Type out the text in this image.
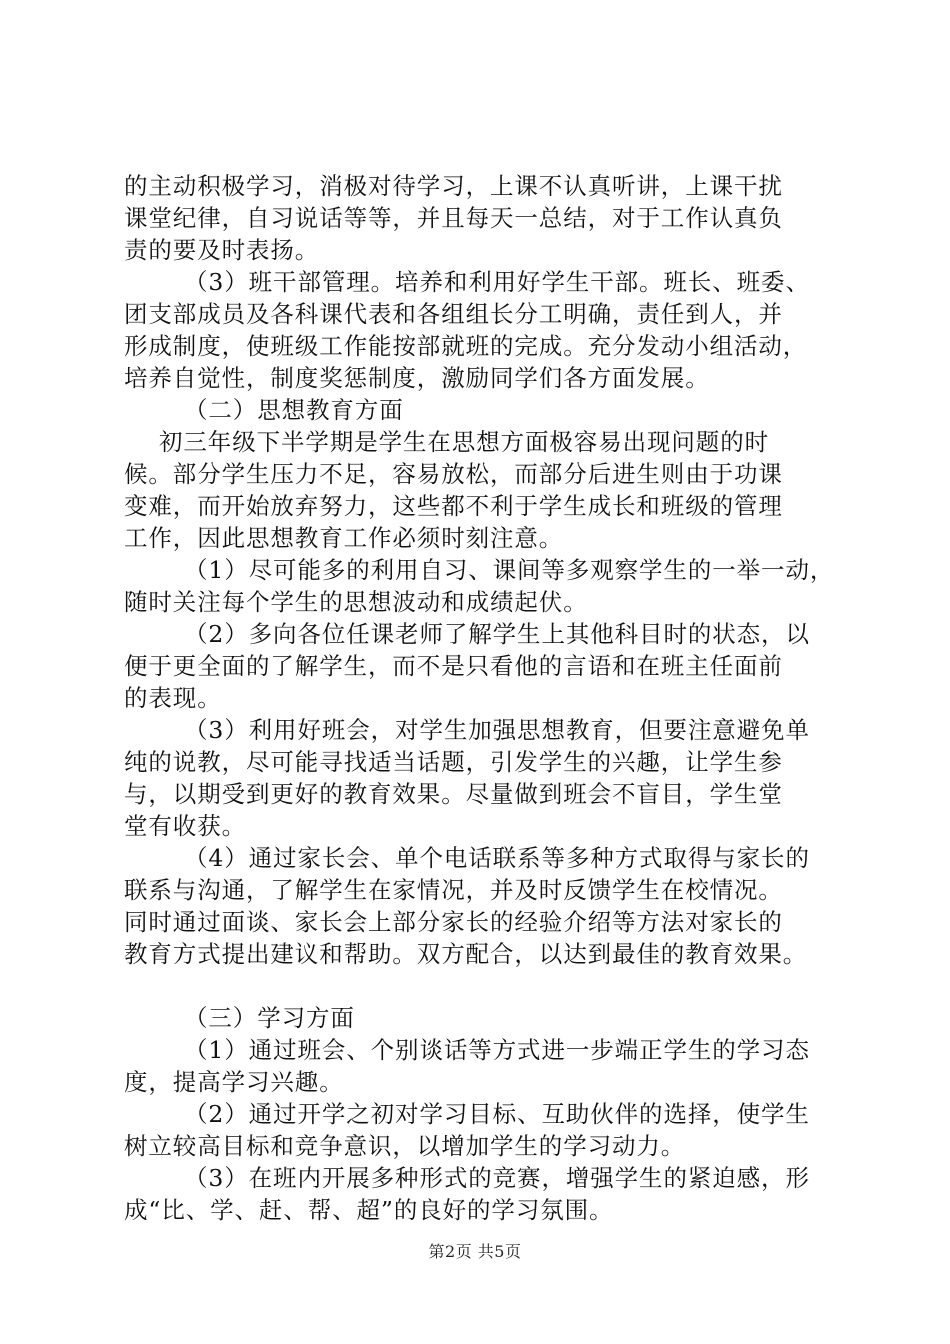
的主动积极学习，消极对待学习，上课不认真听讲，上课干扰
课堂纪律，自习说话等等，并且每天一总结，对于工作认真负
责的要及时表扬。
（3）班干部管理。培养和利用好学生干部。班长、班委、
团支部成员及各科课代表和各组组长分工明确，责任到人，并
形成制度，使班级工作能按部就班的完成。充分发动小组活动，
培养自觉性，制度奖惩制度，激励同学们各方面发展。
（二）思想教育方面
初三年级下半学期是学生在思想方面极容易出现问题的时
候。部分学生压力不足，容易放松，而部分后进生则由于功课
变难，而开始放弃努力，这些都不利于学生成长和班级的管理
工作，因此思想教育工作必须时刻注意。
（1）尽可能多的利用自习、课间等多观察学生的一举一动，
随时关注每个学生的思想波动和成绩起伏。
（2）多向各位任课老师了解学生上其他科目时的状态，以
便于更全面的了解学生，而不是只看他的言语和在班主任面前
的表现。
（3）利用好班会，对学生加强思想教育，但要注意避免单
纯的说教，尽可能寻找适当话题，引发学生的兴趣，让学生参
与，以期受到更好的教育效果。尽量做到班会不盲目，学生堂
堂有收获。
（4）通过家长会、单个电话联系等多种方式取得与家长的
联系与沟通，了解学生在家情况，并及时反馈学生在校情况。
同时通过面谈、家长会上部分家长的经验介绍等方法对家长的
教育方式提出建议和帮助。双方配合，以达到最佳的教育效果。
（三）学习方面
（1）通过班会、个别谈话等方式进一步端正学生的学习态
度，提高学习兴趣。
（2）通过开学之初对学习目标、互助伙伴的选择，使学生
树立较高目标和竞争意识，以增加学生的学习动力。
（3）在班内开展多种形式的竞赛，增强学生的紧迫感，形
成“比、学、赶、帮、超”的良好的学习氛围。
第2页 共5页
